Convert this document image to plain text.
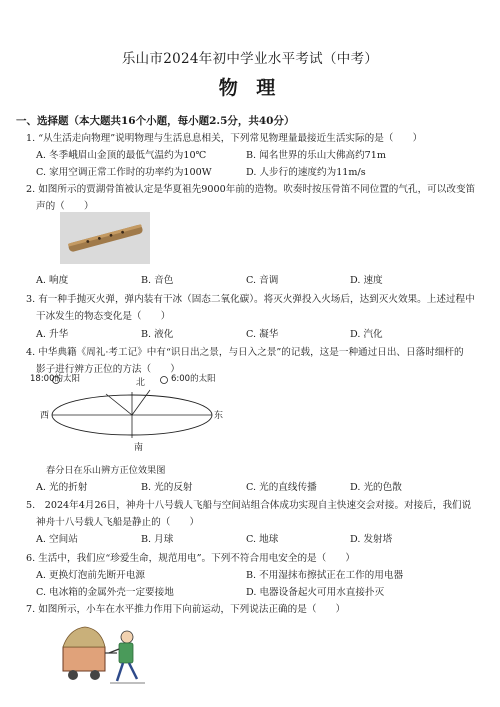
乐山市2024年初中学业水平考试（中考）
物 理
一、选择题（本大题共16个小题，每小题2.5分，共40分）
1. “从生活走向物理”说明物理与生活息息相关，下列常见物理量最接近生活实际的是（　　）
A. 冬季峨眉山金顶的最低气温约为10℃	B. 闻名世界的乐山大佛高约71m
C. 家用空调正常工作时的功率约为100W	D. 人步行的速度约为11m/s
2. 如图所示的贾湖骨笛被认定是华夏祖先9000年前的造物。吹奏时按压骨笛不同位置的气孔，可以改变笛
声的（　　）
A. 响度	B. 音色	C. 音调	D. 速度
3. 有一种手抛灭火弹，弹内装有干冰（固态二氧化碳）。将灭火弹投入火场后，达到灭火效果。上述过程中
干冰发生的物态变化是（　　）
A. 升华	B. 液化	C. 凝华	D. 汽化
4. 中华典籍《周礼·考工记》中有“识日出之景，与日入之景”的记载，这是一种通过日出、日落时细杆的
影子进行辨方正位的方法（　　）
18:00的太阳	6:00的太阳
北
南
西	东
春分日在乐山辨方正位效果图
A. 光的折射	B. 光的反射	C. 光的直线传播	D. 光的色散
5.　2024年4月26日，神舟十八号载人飞船与空间站组合体成功实现自主快速交会对接。对接后，我们说
神舟十八号载人飞船是静止的（　　）
A. 空间站	B. 月球	C. 地球	D. 发射塔
6. 生活中，我们应“珍爱生命，规范用电”。下列不符合用电安全的是（　　）
A. 更换灯泡前先断开电源	B. 不用湿抹布擦拭正在工作的用电器
C. 电冰箱的金属外壳一定要接地	D. 电器设备起火可用水直接扑灭
7. 如图所示，小车在水平推力作用下向前运动，下列说法正确的是（　　）
